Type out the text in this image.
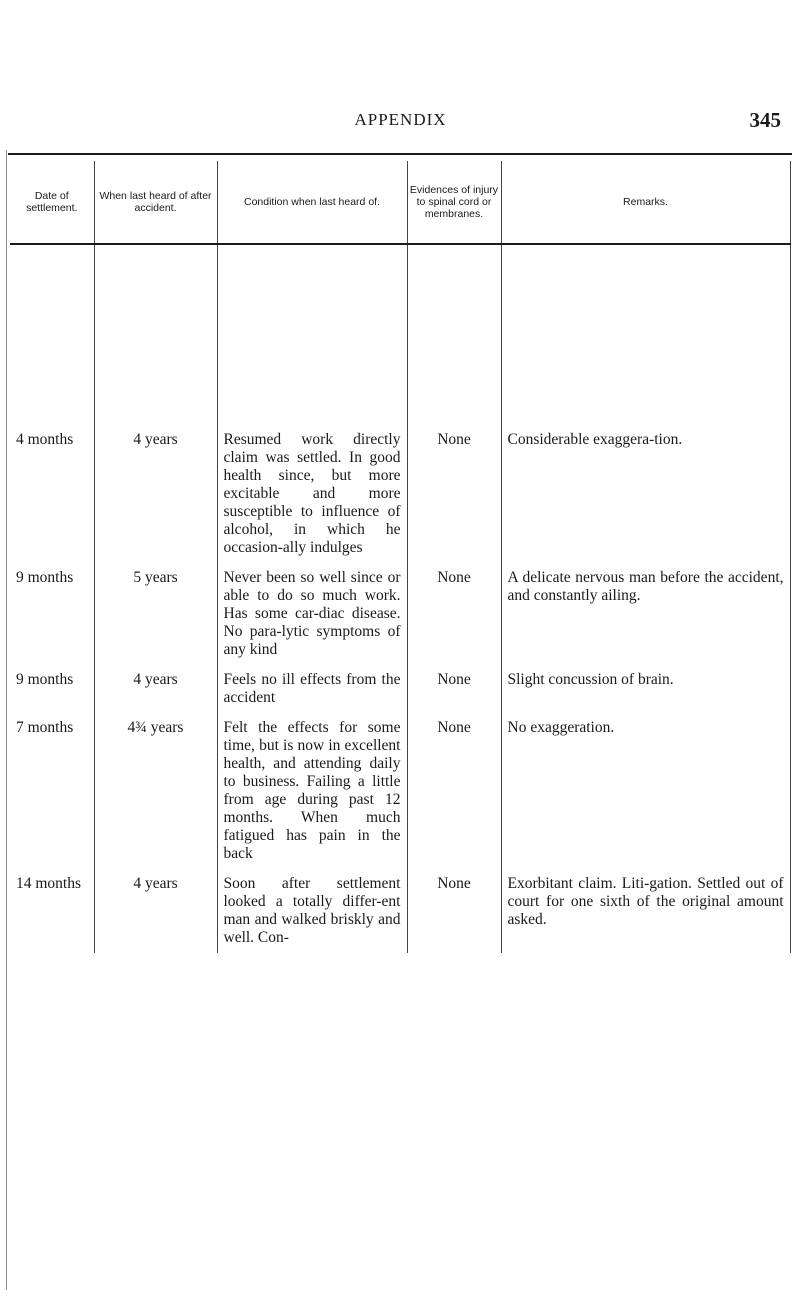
APPENDIX	345
Date of settlement.	When last heard of after accident.	Condition when last heard of.	Evidences of injury to spinal cord or membranes.	Remarks.

4 months	4 years	Resumed work directly claim was settled. In good health since, but more excitable and more susceptible to influence of alcohol, in which he occasion-ally indulges	None	Considerable exaggera-tion.
9 months	5 years	Never been so well since or able to do so much work. Has some car-diac disease. No para-lytic symptoms of any kind	None	A delicate nervous man before the accident, and constantly ailing.
9 months	4 years	Feels no ill effects from the accident	None	Slight concussion of brain.
7 months	4¾ years	Felt the effects for some time, but is now in excellent health, and attending daily to business. Failing a little from age during past 12 months. When much fatigued has pain in the back	None	No exaggeration.
14 months	4 years	Soon after settlement looked a totally differ-ent man and walked briskly and well. Con-	None	Exorbitant claim. Liti-gation. Settled out of court for one sixth of the original amount asked.
